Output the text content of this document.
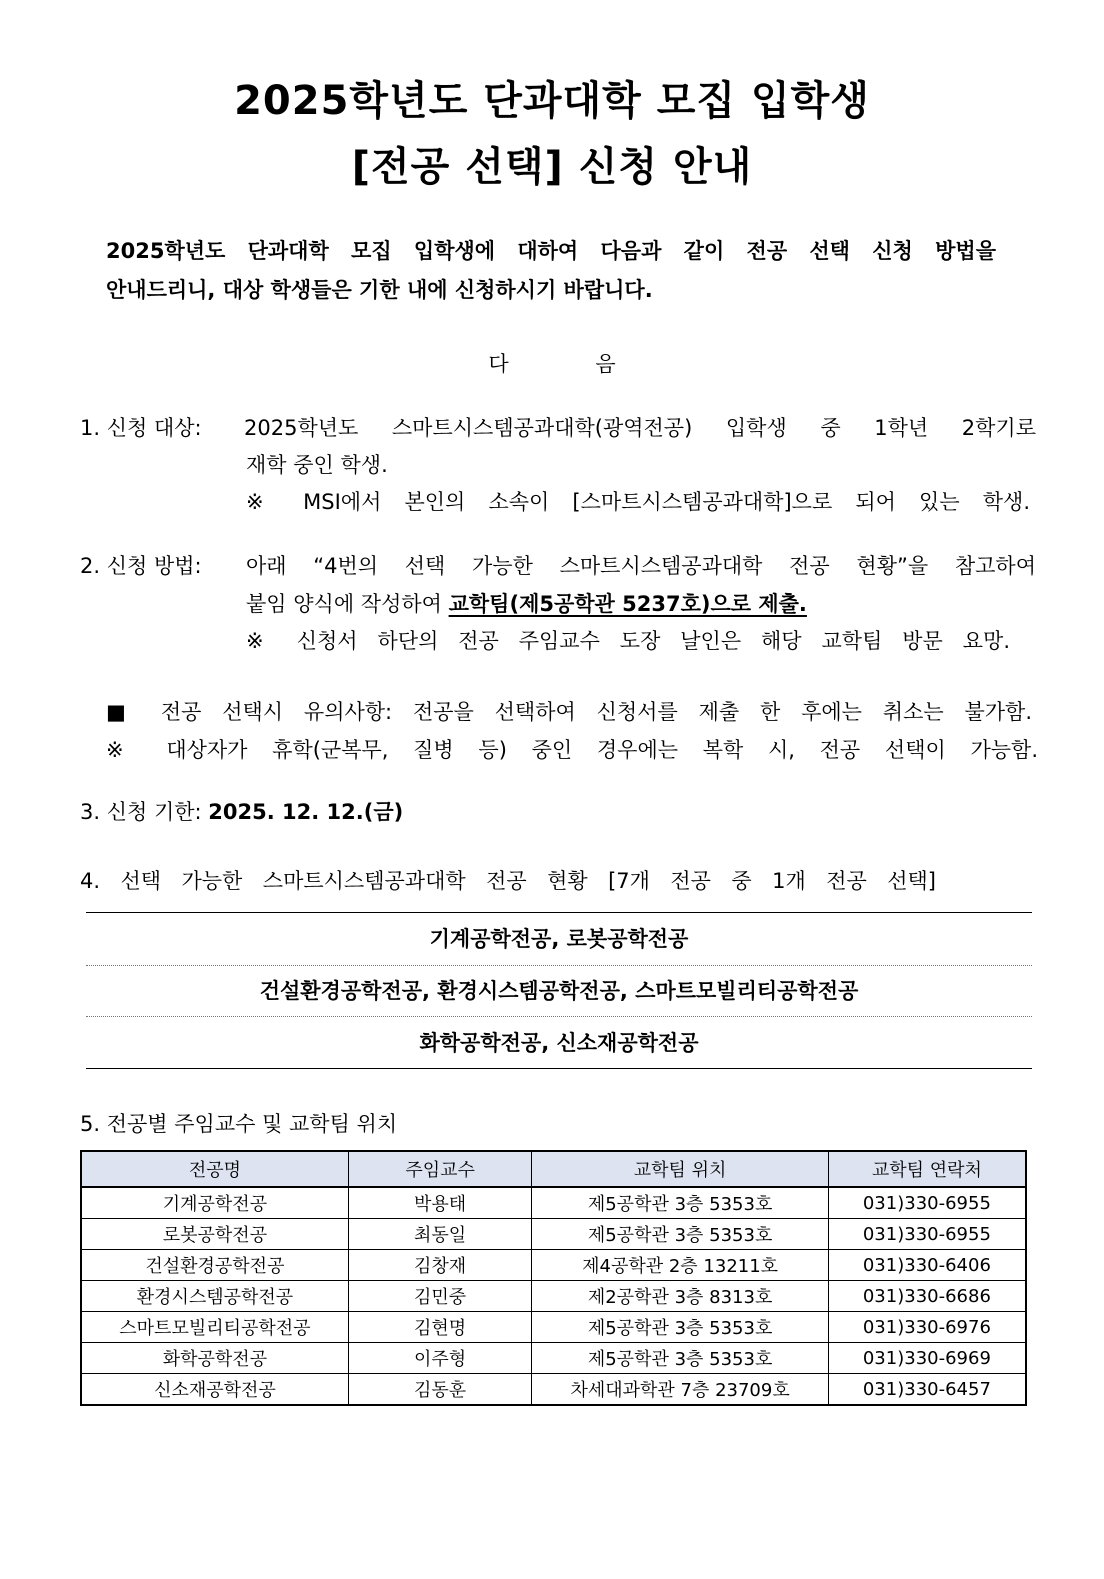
2025학년도 단과대학 모집 입학생
[전공 선택] 신청 안내
2025학년도 단과대학 모집 입학생에 대하여 다음과 같이 전공 선택 신청 방법을
안내드리니, 대상 학생들은 기한 내에 신청하시기 바랍니다.
다 음
1. 신청 대상: 2025학년도 스마트시스템공과대학(광역전공) 입학생 중 1학년 2학기로
재학 중인 학생.
※ MSI에서 본인의 소속이 [스마트시스템공과대학]으로 되어 있는 학생.
2. 신청 방법: 아래 “4번의 선택 가능한 스마트시스템공과대학 전공 현황”을 참고하여
붙임 양식에 작성하여 교학팀(제5공학관 5237호)으로 제출.
※ 신청서 하단의 전공 주임교수 도장 날인은 해당 교학팀 방문 요망.
■ 전공 선택시 유의사항: 전공을 선택하여 신청서를 제출 한 후에는 취소는 불가함.
※ 대상자가 휴학(군복무, 질병 등) 중인 경우에는 복학 시, 전공 선택이 가능함.
3. 신청 기한: 2025. 12. 12.(금)
4. 선택 가능한 스마트시스템공과대학 전공 현황 [7개 전공 중 1개 전공 선택]
기계공학전공, 로봇공학전공
건설환경공학전공, 환경시스템공학전공, 스마트모빌리티공학전공
화학공학전공, 신소재공학전공
5. 전공별 주임교수 및 교학팀 위치
전공명	주임교수	교학팀 위치	교학팀 연락처
기계공학전공	박용태	제5공학관 3층 5353호	031)330-6955
로봇공학전공	최동일	제5공학관 3층 5353호	031)330-6955
건설환경공학전공	김창재	제4공학관 2층 13211호	031)330-6406
환경시스템공학전공	김민중	제2공학관 3층 8313호	031)330-6686
스마트모빌리티공학전공	김현명	제5공학관 3층 5353호	031)330-6976
화학공학전공	이주형	제5공학관 3층 5353호	031)330-6969
신소재공학전공	김동훈	차세대과학관 7층 23709호	031)330-6457
